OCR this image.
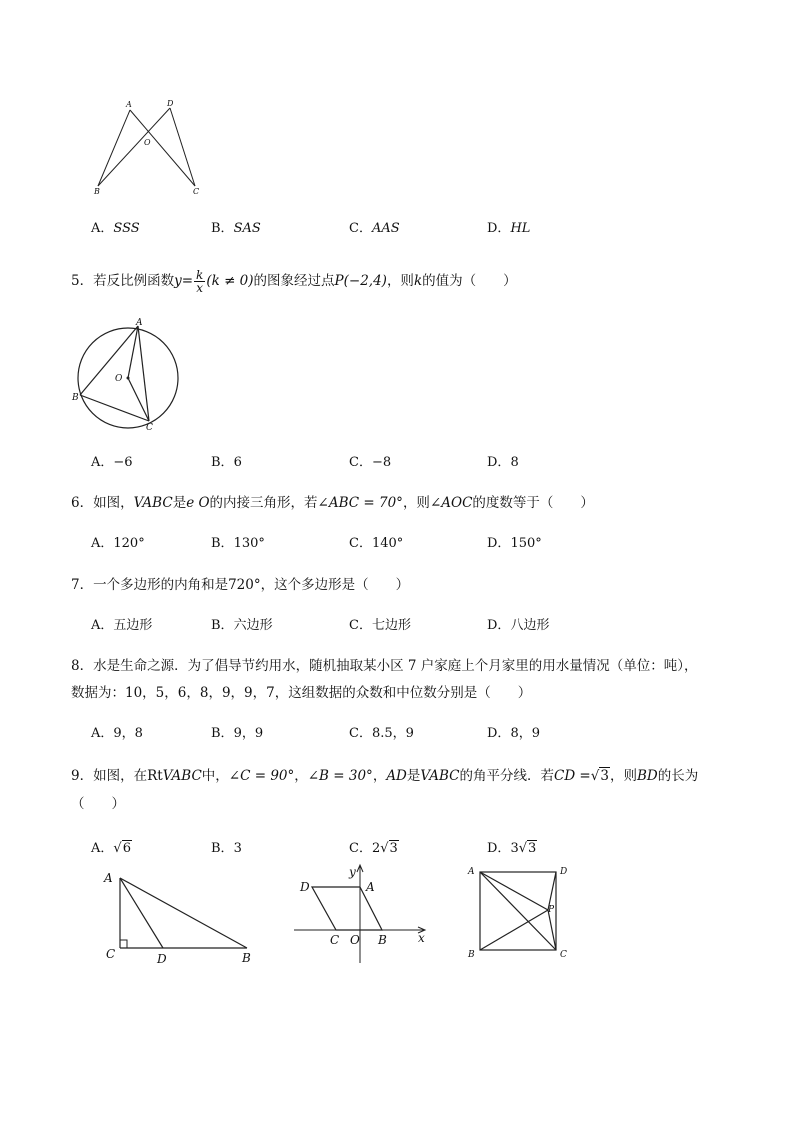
A	D
O
B	C
A．SSS	B．SAS	C．AAS	D．HL
5．若反比例函数$y= \frac{k}{x} (k \ne 0)$的图象经过点P(−2,4)，则k的值为（　　）
A
O
B
C
A．−6	B．6	C．−8	D．8
6．如图，VABC是e O的内接三角形，若∠ABC = 70°，则∠AOC的度数等于（　　）
A．120°	B．130°	C．140°	D．150°
7．一个多边形的内角和是720°，这个多边形是（　　）
A．五边形	B．六边形	C．七边形	D．八边形
8．水是生命之源．为了倡导节约用水，随机抽取某小区 7 户家庭上个月家里的用水量情况（单位：吨），
数据为：10，5，6，8，9，9，7，这组数据的众数和中位数分别是（　　）
A．9，8	B．9，9	C．8.5，9	D．8，9
9．如图，在RtVABC中，∠C = 90°，∠B = 30°，AD是VABC的角平分线．若CD =√3，则BD的长为
（　　）
A．√6	B．3	C．2√3	D．3√3
A
C	D	B
D
y
A
C O B	x
A	D
P
B	C
